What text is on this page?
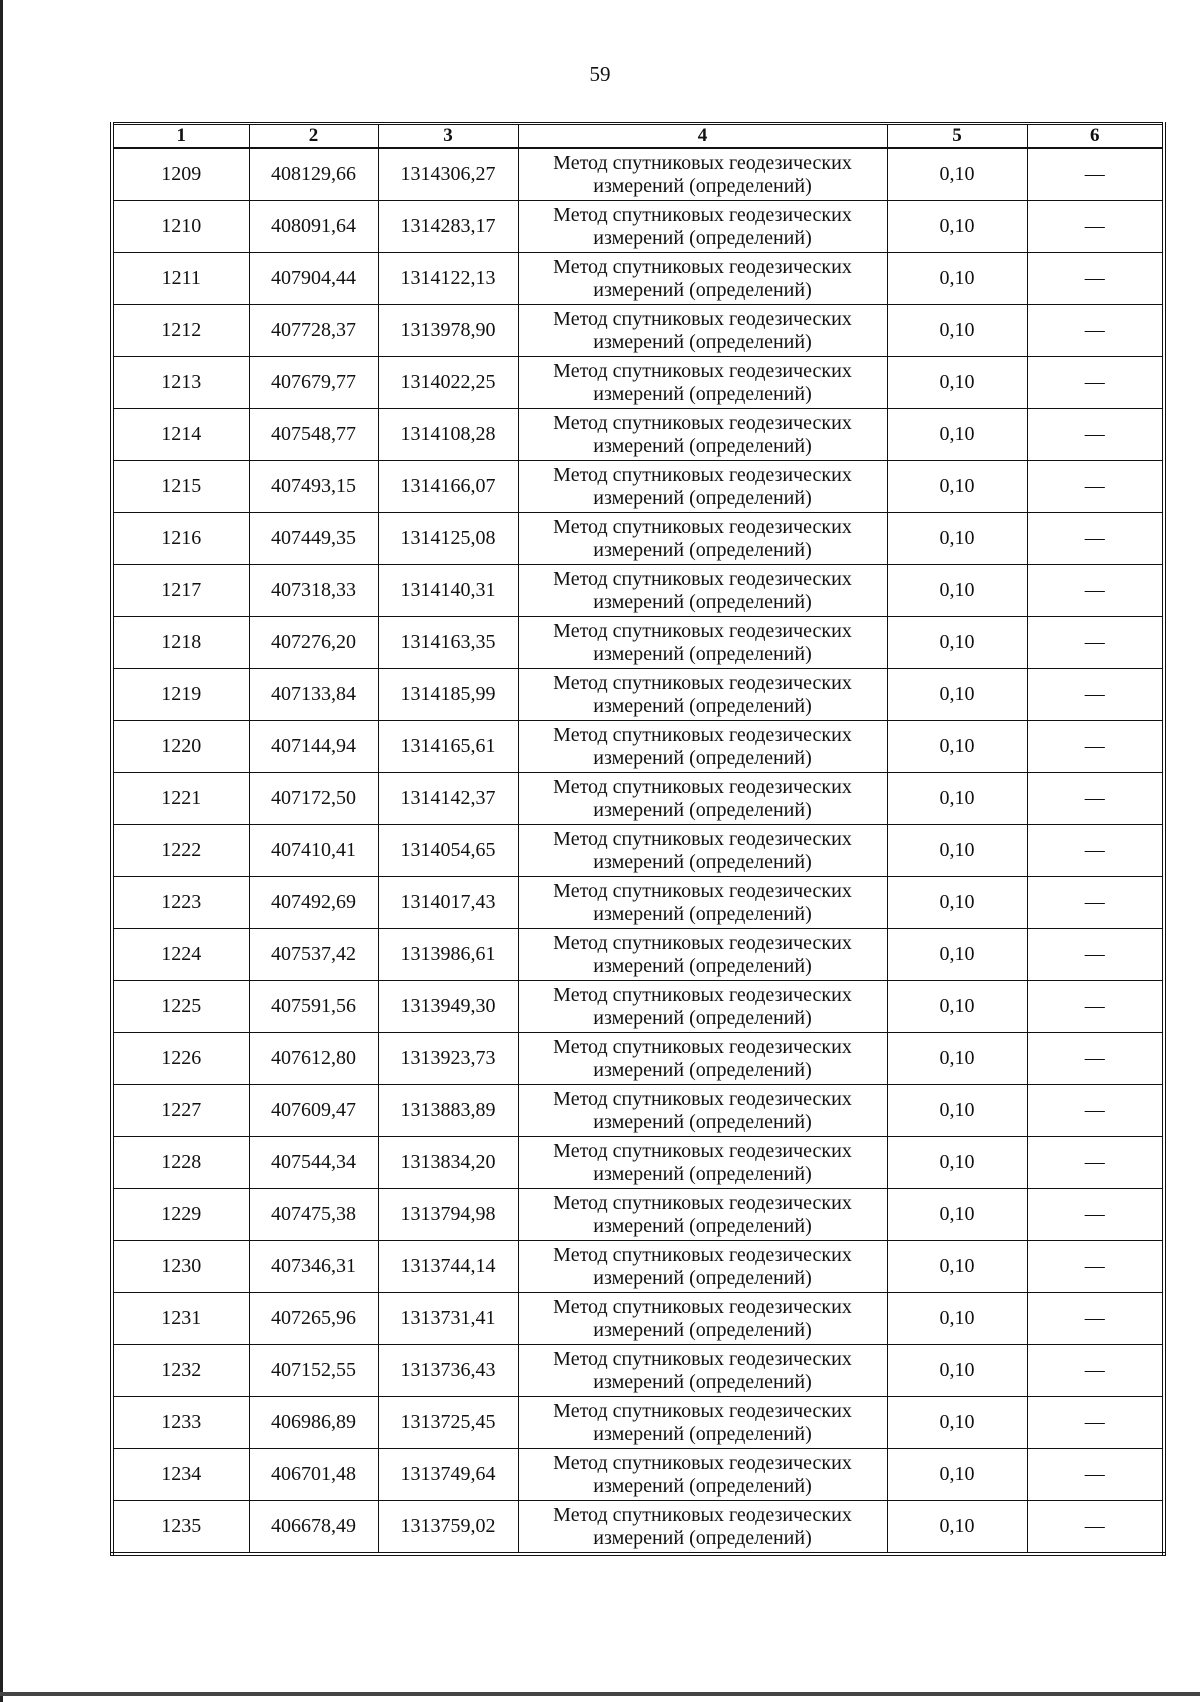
59
1	2	3	4	5	6
1209	408129,66	1314306,27	Метод спутниковых геодезических
измерений (определений)	0,10	—
1210	408091,64	1314283,17	Метод спутниковых геодезических
измерений (определений)	0,10	—
1211	407904,44	1314122,13	Метод спутниковых геодезических
измерений (определений)	0,10	—
1212	407728,37	1313978,90	Метод спутниковых геодезических
измерений (определений)	0,10	—
1213	407679,77	1314022,25	Метод спутниковых геодезических
измерений (определений)	0,10	—
1214	407548,77	1314108,28	Метод спутниковых геодезических
измерений (определений)	0,10	—
1215	407493,15	1314166,07	Метод спутниковых геодезических
измерений (определений)	0,10	—
1216	407449,35	1314125,08	Метод спутниковых геодезических
измерений (определений)	0,10	—
1217	407318,33	1314140,31	Метод спутниковых геодезических
измерений (определений)	0,10	—
1218	407276,20	1314163,35	Метод спутниковых геодезических
измерений (определений)	0,10	—
1219	407133,84	1314185,99	Метод спутниковых геодезических
измерений (определений)	0,10	—
1220	407144,94	1314165,61	Метод спутниковых геодезических
измерений (определений)	0,10	—
1221	407172,50	1314142,37	Метод спутниковых геодезических
измерений (определений)	0,10	—
1222	407410,41	1314054,65	Метод спутниковых геодезических
измерений (определений)	0,10	—
1223	407492,69	1314017,43	Метод спутниковых геодезических
измерений (определений)	0,10	—
1224	407537,42	1313986,61	Метод спутниковых геодезических
измерений (определений)	0,10	—
1225	407591,56	1313949,30	Метод спутниковых геодезических
измерений (определений)	0,10	—
1226	407612,80	1313923,73	Метод спутниковых геодезических
измерений (определений)	0,10	—
1227	407609,47	1313883,89	Метод спутниковых геодезических
измерений (определений)	0,10	—
1228	407544,34	1313834,20	Метод спутниковых геодезических
измерений (определений)	0,10	—
1229	407475,38	1313794,98	Метод спутниковых геодезических
измерений (определений)	0,10	—
1230	407346,31	1313744,14	Метод спутниковых геодезических
измерений (определений)	0,10	—
1231	407265,96	1313731,41	Метод спутниковых геодезических
измерений (определений)	0,10	—
1232	407152,55	1313736,43	Метод спутниковых геодезических
измерений (определений)	0,10	—
1233	406986,89	1313725,45	Метод спутниковых геодезических
измерений (определений)	0,10	—
1234	406701,48	1313749,64	Метод спутниковых геодезических
измерений (определений)	0,10	—
1235	406678,49	1313759,02	Метод спутниковых геодезических
измерений (определений)	0,10	—
